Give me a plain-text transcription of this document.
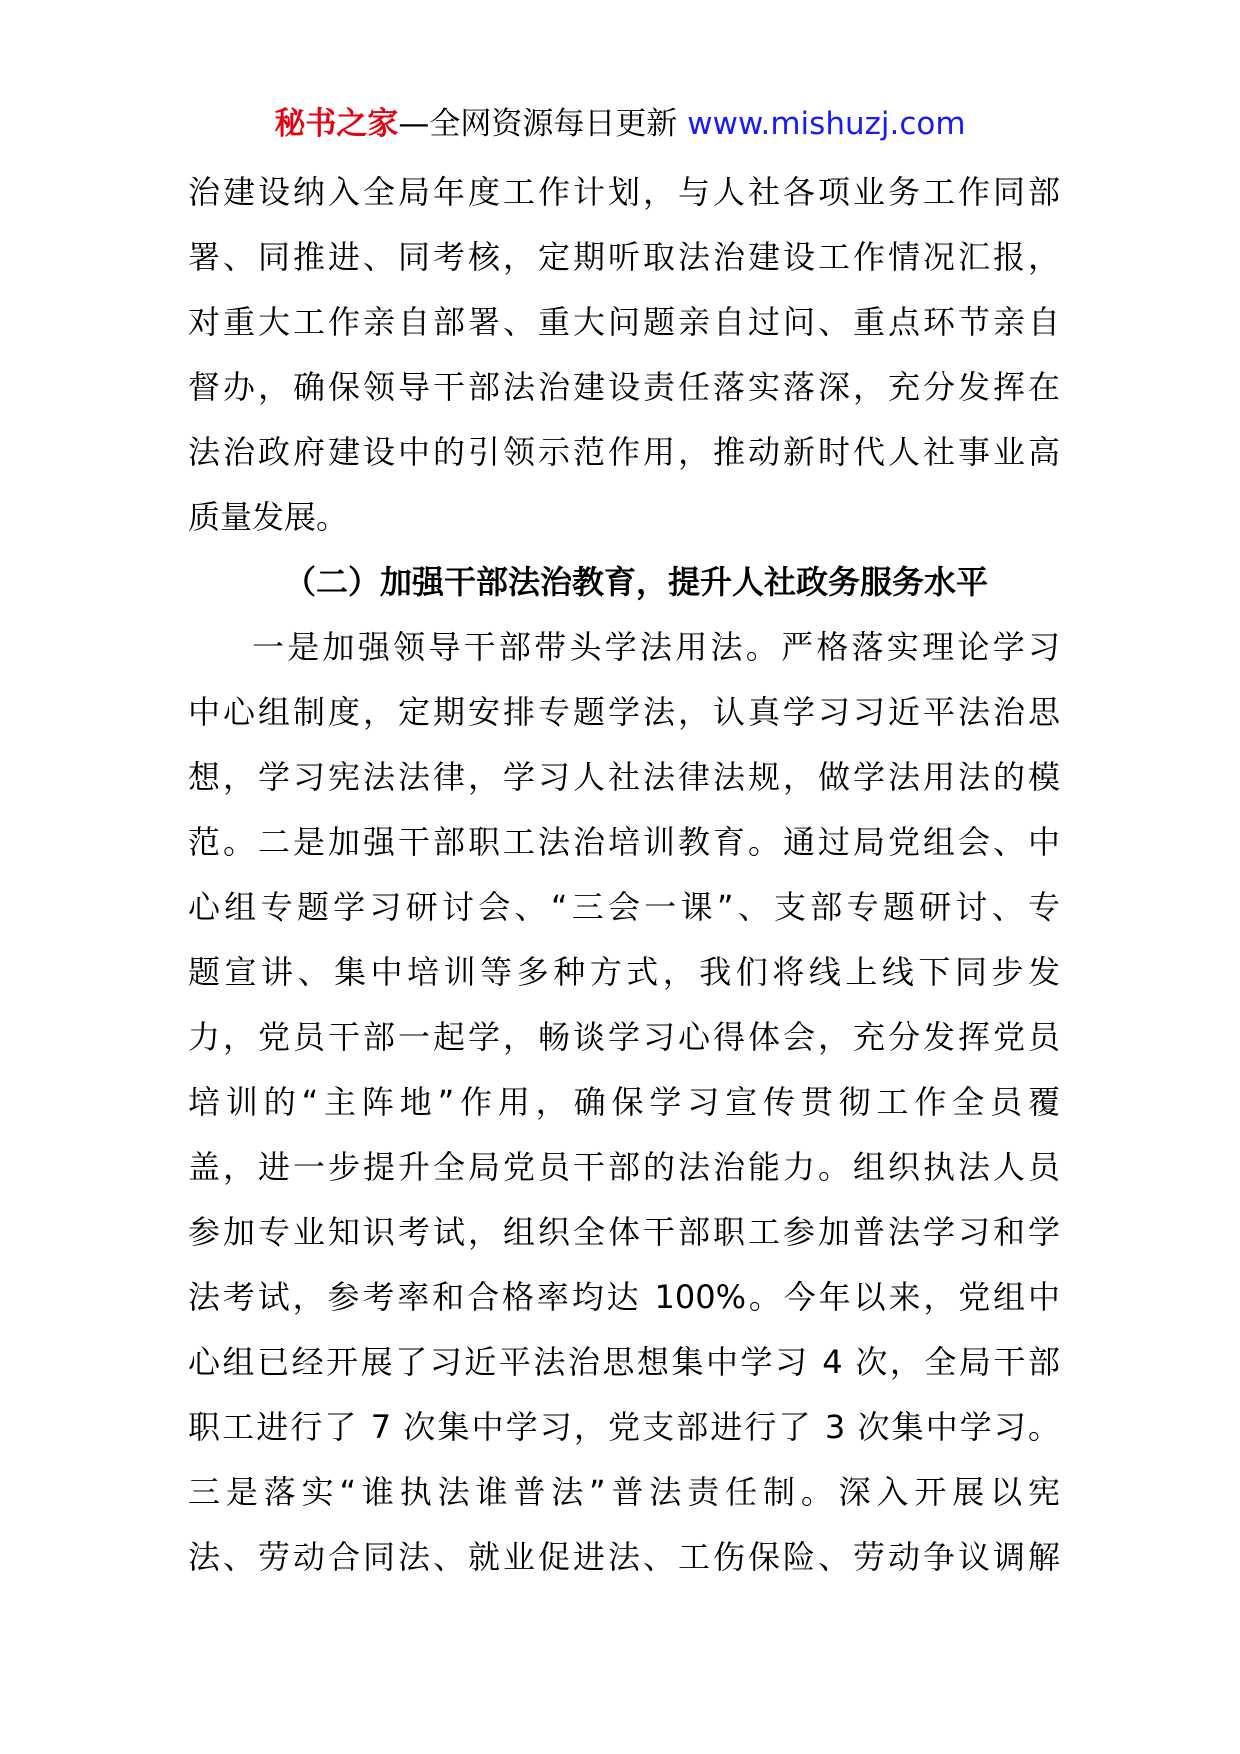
秘书之家—全网资源每日更新 www.mishuzj.com
治建设纳入全局年度工作计划，与人社各项业务工作同部
署、同推进、同考核，定期听取法治建设工作情况汇报，
对重大工作亲自部署、重大问题亲自过问、重点环节亲自
督办，确保领导干部法治建设责任落实落深，充分发挥在
法治政府建设中的引领示范作用，推动新时代人社事业高
质量发展。
（二）加强干部法治教育，提升人社政务服务水平
一是加强领导干部带头学法用法。严格落实理论学习
中心组制度，定期安排专题学法，认真学习习近平法治思
想，学习宪法法律，学习人社法律法规，做学法用法的模
范。二是加强干部职工法治培训教育。通过局党组会、中
心组专题学习研讨会、“三会一课”、支部专题研讨、专
题宣讲、集中培训等多种方式，我们将线上线下同步发
力，党员干部一起学，畅谈学习心得体会，充分发挥党员
培训的“主阵地”作用，确保学习宣传贯彻工作全员覆
盖，进一步提升全局党员干部的法治能力。组织执法人员
参加专业知识考试，组织全体干部职工参加普法学习和学
法考试，参考率和合格率均达 100%。今年以来，党组中
心组已经开展了习近平法治思想集中学习 4 次，全局干部
职工进行了 7 次集中学习，党支部进行了 3 次集中学习。
三是落实“谁执法谁普法”普法责任制。深入开展以宪
法、劳动合同法、就业促进法、工伤保险、劳动争议调解
